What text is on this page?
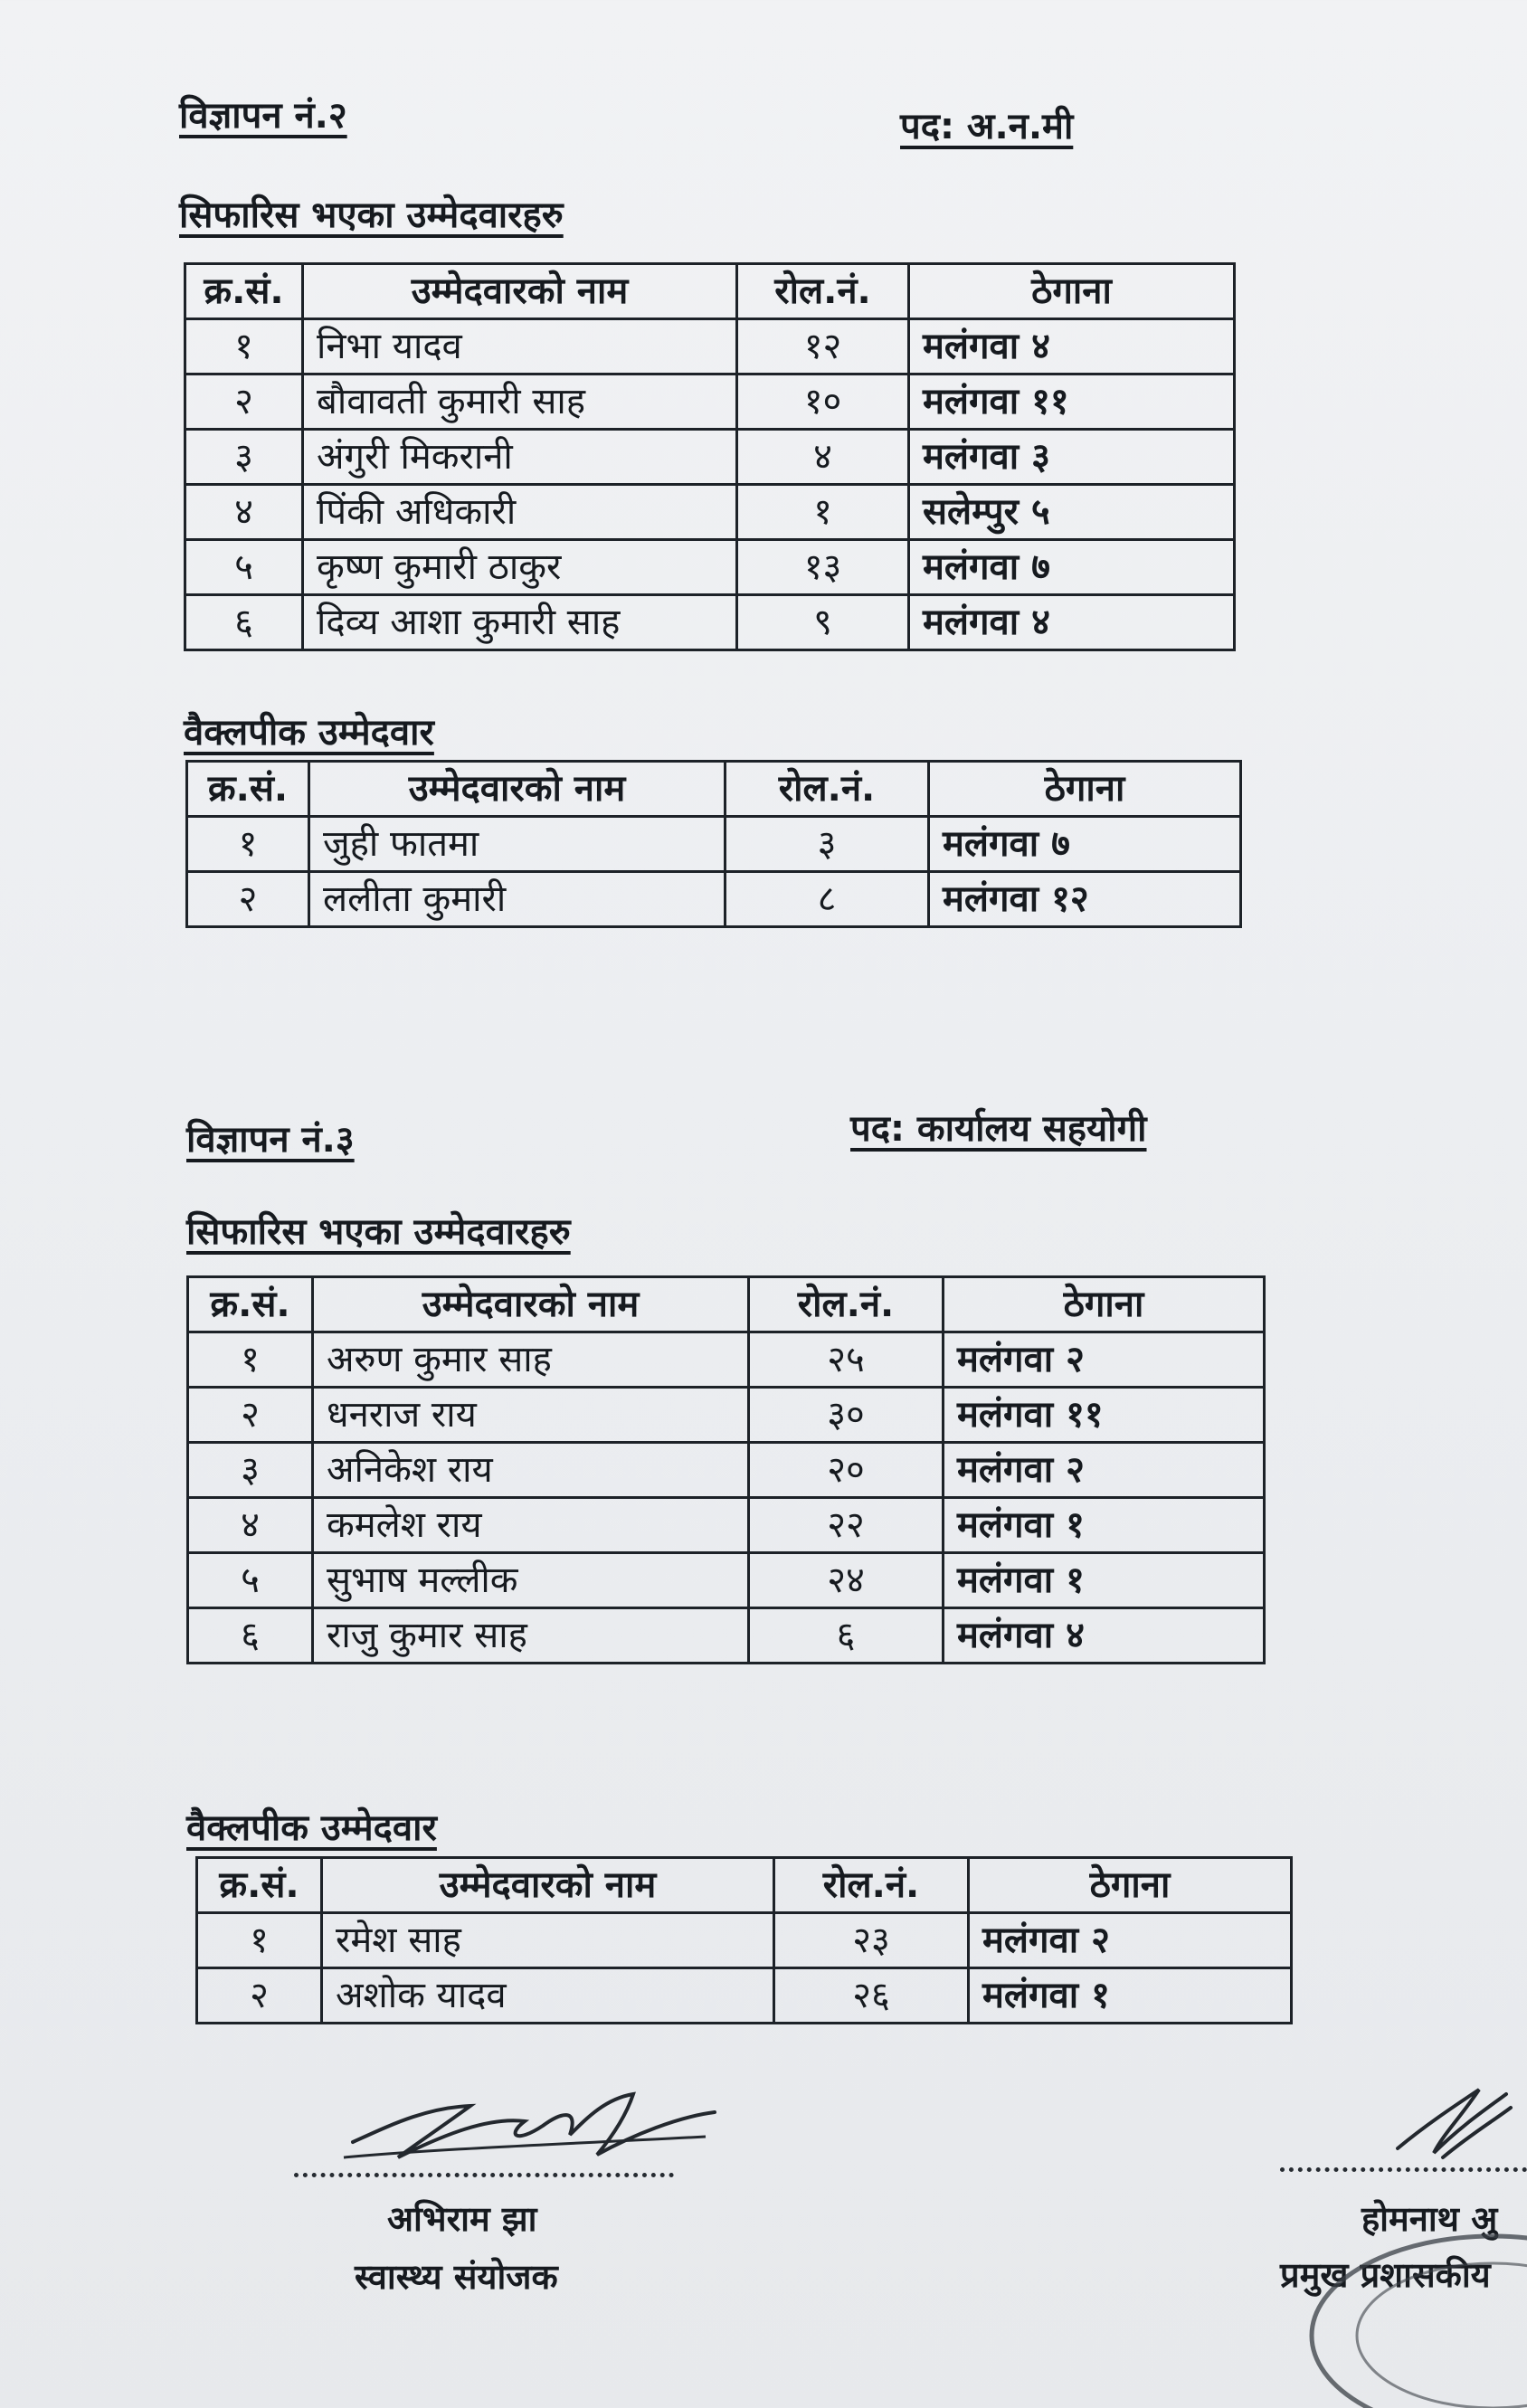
विज्ञापन नं.२	पद: अ.न.मी
सिफारिस भएका उम्मेदवारहरु
क्र.सं.	उम्मेदवारको नाम	रोल.नं.	ठेगाना
१	निभा यादव	१२	मलंगवा ४
२	बौवावती कुमारी साह	१०	मलंगवा ११
३	अंगुरी मिकरानी	४	मलंगवा ३
४	पिंकी अधिकारी	१	सलेम्पुर ५
५	कृष्ण कुमारी ठाकुर	१३	मलंगवा ७
६	दिव्य आशा कुमारी साह	९	मलंगवा ४
वैक्लपीक उम्मेदवार
क्र.सं.	उम्मेदवारको नाम	रोल.नं.	ठेगाना
१	जुही फातमा	३	मलंगवा ७
२	ललीता कुमारी	८	मलंगवा १२
विज्ञापन नं.३	पद: कार्यालय सहयोगी
सिफारिस भएका उम्मेदवारहरु
क्र.सं.	उम्मेदवारको नाम	रोल.नं.	ठेगाना
१	अरुण कुमार साह	२५	मलंगवा २
२	धनराज राय	३०	मलंगवा ११
३	अनिकेश राय	२०	मलंगवा २
४	कमलेश राय	२२	मलंगवा १
५	सुभाष मल्लीक	२४	मलंगवा १
६	राजु कुमार साह	६	मलंगवा ४
वैक्लपीक उम्मेदवार
क्र.सं.	उम्मेदवारको नाम	रोल.नं.	ठेगाना
१	रमेश साह	२३	मलंगवा २
२	अशोक यादव	२६	मलंगवा १
अभिराम झा
स्वास्थ्य संयोजक
होमनाथ अु
प्रमुख प्रशासकीय
